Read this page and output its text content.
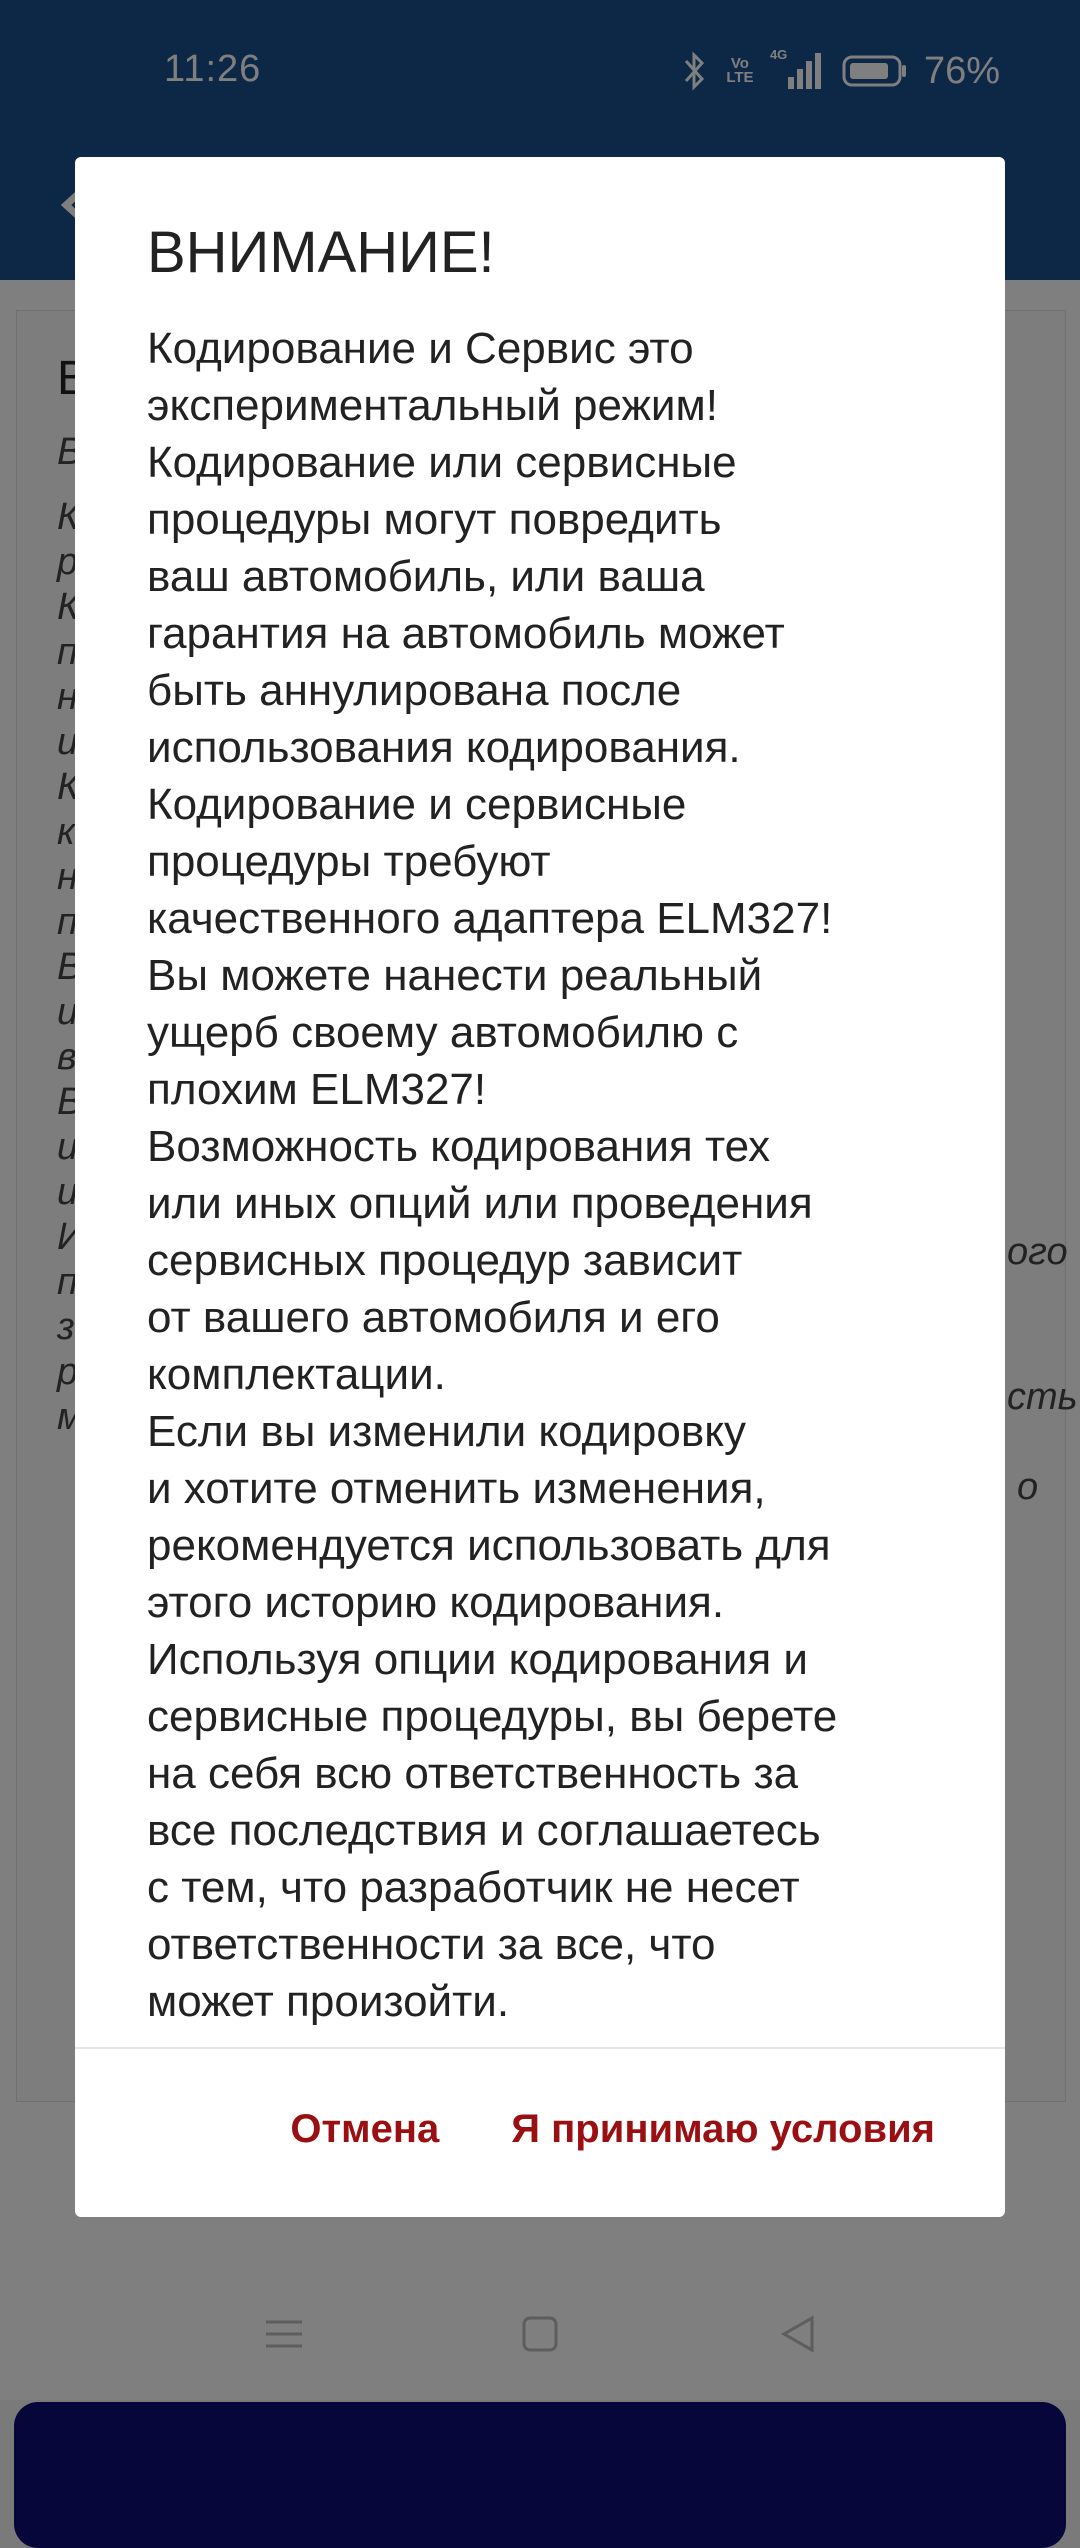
ВНИМАНИЕ!

Кодирование и Сервис это
экспериментальный режим!
Кодирование или сервисные
процедуры могут повредить
ваш автомобиль, или ваша
гарантия на автомобиль может
быть аннулирована после
использования кодирования.
Кодирование и сервисные
процедуры требуют
качественного адаптера ELM327!
Вы можете нанести реальный
ущерб своему автомобилю с
плохим ELM327!
Возможность кодирования тех
или иных опций или проведения
сервисных процедур зависит
от вашего автомобиля и его
комплектации.
Если вы изменили кодировку
и хотите отменить изменения,
рекомендуется использовать для
этого историю кодирования.
Используя опции кодирования и
сервисные процедуры, вы берете
на себя всю ответственность за
все последствия и соглашаетесь
с тем, что разработчик не несет
ответственности за все, что
может произойти.

Отмена Я принимаю условия
